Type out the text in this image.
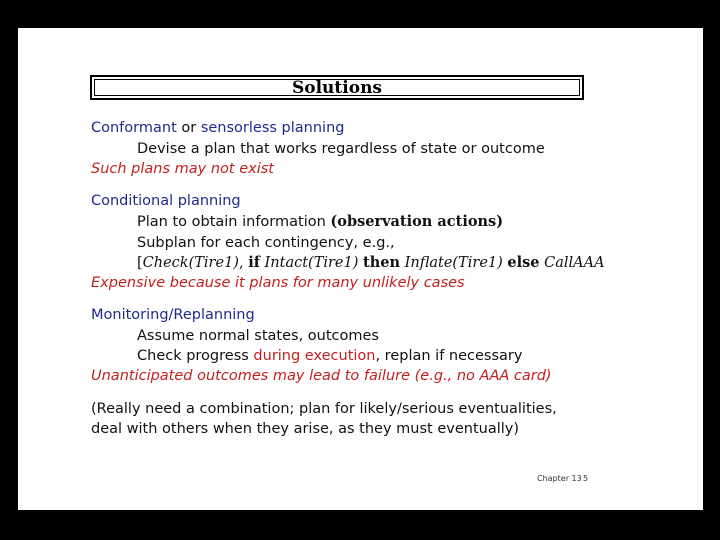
Solutions
Conformant or sensorless planning
Devise a plan that works regardless of state or outcome
Such plans may not exist
Conditional planning
Plan to obtain information (observation actions)
Subplan for each contingency, e.g.,
[Check(Tire1), if Intact(Tire1) then Inflate(Tire1) else CallAAA
Expensive because it plans for many unlikely cases
Monitoring/Replanning
Assume normal states, outcomes
Check progress during execution, replan if necessary
Unanticipated outcomes may lead to failure (e.g., no AAA card)
(Really need a combination; plan for likely/serious eventualities,
deal with others when they arise, as they must eventually)
Chapter 13 5
